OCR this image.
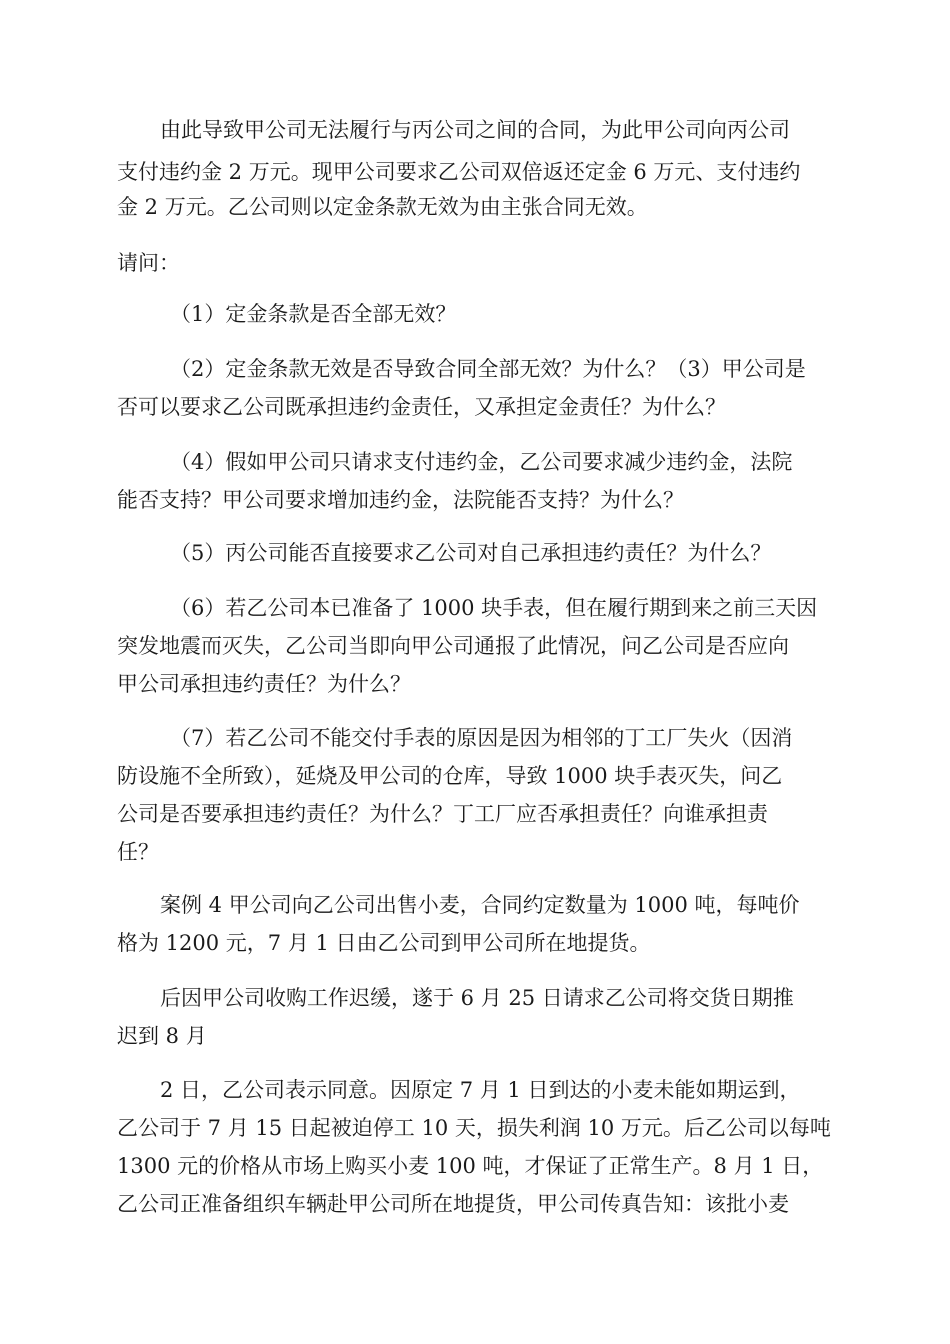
由此导致甲公司无法履行与丙公司之间的合同，为此甲公司向丙公司
支付违约金 2 万元。现甲公司要求乙公司双倍返还定金 6 万元、支付违约
金 2 万元。乙公司则以定金条款无效为由主张合同无效。
请问：
（1）定金条款是否全部无效？
（2）定金条款无效是否导致合同全部无效？为什么？（3）甲公司是
否可以要求乙公司既承担违约金责任，又承担定金责任？为什么？
（4）假如甲公司只请求支付违约金，乙公司要求减少违约金，法院
能否支持？甲公司要求增加违约金，法院能否支持？为什么？
（5）丙公司能否直接要求乙公司对自己承担违约责任？为什么？
（6）若乙公司本已准备了 1000 块手表，但在履行期到来之前三天因
突发地震而灭失，乙公司当即向甲公司通报了此情况，问乙公司是否应向
甲公司承担违约责任？为什么？
（7）若乙公司不能交付手表的原因是因为相邻的丁工厂失火（因消
防设施不全所致），延烧及甲公司的仓库，导致 1000 块手表灭失，问乙
公司是否要承担违约责任？为什么？丁工厂应否承担责任？向谁承担责
任？
案例 4 甲公司向乙公司出售小麦，合同约定数量为 1000 吨，每吨价
格为 1200 元，7 月 1 日由乙公司到甲公司所在地提货。
后因甲公司收购工作迟缓，遂于 6 月 25 日请求乙公司将交货日期推
迟到 8 月
2 日，乙公司表示同意。因原定 7 月 1 日到达的小麦未能如期运到，
乙公司于 7 月 15 日起被迫停工 10 天，损失利润 10 万元。后乙公司以每吨
1300 元的价格从市场上购买小麦 100 吨，才保证了正常生产。8 月 1 日，
乙公司正准备组织车辆赴甲公司所在地提货，甲公司传真告知：该批小麦
